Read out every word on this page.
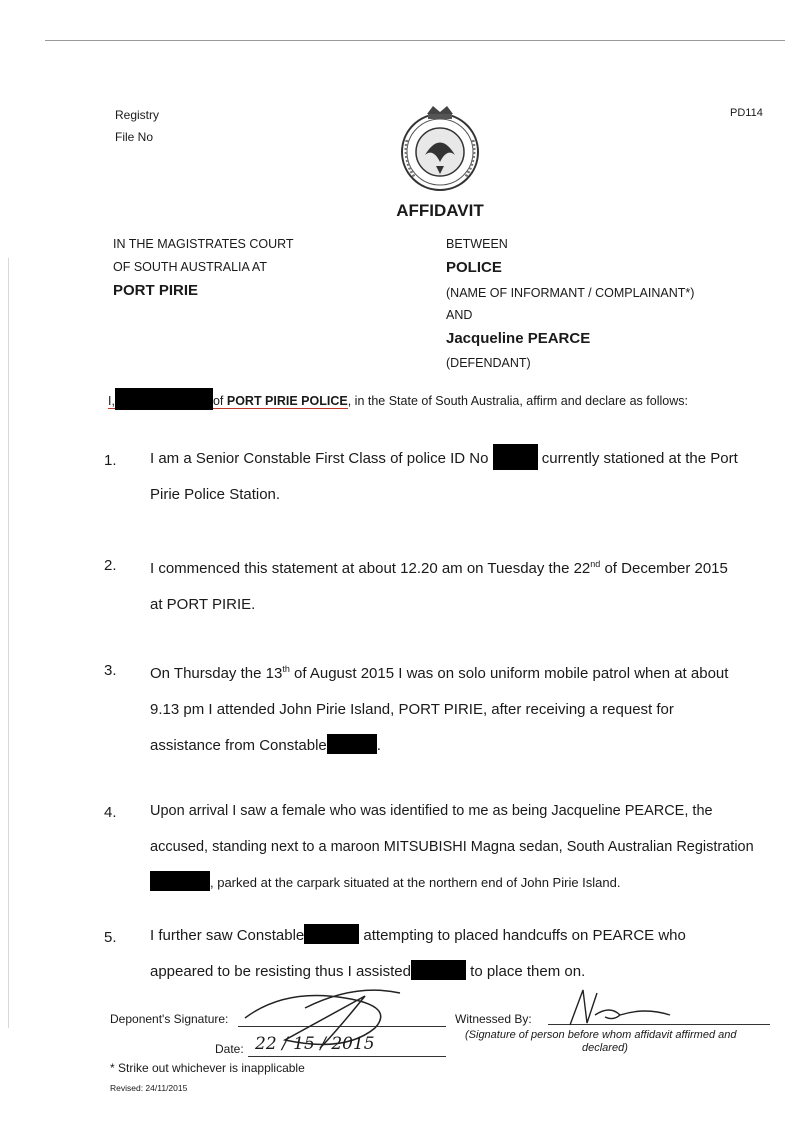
Registry
File No
PD114
AFFIDAVIT
IN THE MAGISTRATES COURT
OF SOUTH AUSTRALIA AT
PORT PIRIE
BETWEEN
POLICE
(NAME OF INFORMANT / COMPLAINANT*)
AND
Jacqueline PEARCE
(DEFENDANT)
I,	of PORT PIRIE POLICE, in the State of South Australia, affirm and declare as follows:
1. I am a Senior Constable First Class of police ID No	currently stationed at the Port
Pirie Police Station.
2. I commenced this statement at about 12.20 am on Tuesday the 22nd of December 2015
at PORT PIRIE.
3. On Thursday the 13th of August 2015 I was on solo uniform mobile patrol when at about
9.13 pm I attended John Pirie Island, PORT PIRIE, after receiving a request for
assistance from Constable	.
4. Upon arrival I saw a female who was identified to me as being Jacqueline PEARCE, the
accused, standing next to a maroon MITSUBISHI Magna sedan, South Australian Registration
, parked at the carpark situated at the northern end of John Pirie Island.
5. I further saw Constable	attempting to placed handcuffs on PEARCE who
appeared to be resisting thus I assisted	to place them on.
Deponent's Signature:
Date: 22 / 15 / 2015
Witnessed By:
(Signature of person before whom affidavit affirmed and
declared)
* Strike out whichever is inapplicable
Revised: 24/11/2015
